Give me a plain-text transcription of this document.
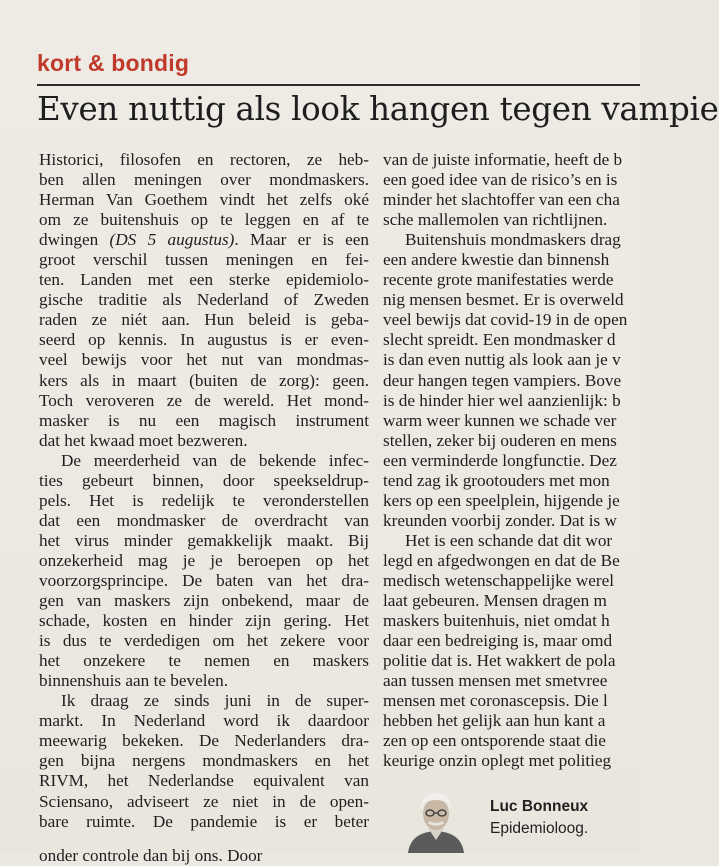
kort & bondig
Even nuttig als look hangen tegen vampie
Historici, filosofen en rectoren, ze heb-
ben allen meningen over mondmaskers.
Herman Van Goethem vindt het zelfs oké
om ze buitenshuis op te leggen en af te
dwingen (DS 5 augustus). Maar er is een
groot verschil tussen meningen en fei-
ten. Landen met een sterke epidemiolo-
gische traditie als Nederland of Zweden
raden ze niét aan. Hun beleid is geba-
seerd op kennis. In augustus is er even-
veel bewijs voor het nut van mondmas-
kers als in maart (buiten de zorg): geen.
Toch veroveren ze de wereld. Het mond-
masker is nu een magisch instrument
dat het kwaad moet bezweren.
De meerderheid van de bekende infec-
ties gebeurt binnen, door speekseldrup-
pels. Het is redelijk te veronderstellen
dat een mondmasker de overdracht van
het virus minder gemakkelijk maakt. Bij
onzekerheid mag je je beroepen op het
voorzorgsprincipe. De baten van het dra-
gen van maskers zijn onbekend, maar de
schade, kosten en hinder zijn gering. Het
is dus te verdedigen om het zekere voor
het onzekere te nemen en maskers
binnenshuis aan te bevelen.
Ik draag ze sinds juni in de super-
markt. In Nederland word ik daardoor
meewarig bekeken. De Nederlanders dra-
gen bijna nergens mondmaskers en het
RIVM, het Nederlandse equivalent van
Sciensano, adviseert ze niet in de open-
bare ruimte. De pandemie is er beter
onder controle dan bij ons. Door
van de juiste informatie, heeft de b
een goed idee van de risico’s en is
minder het slachtoffer van een cha
sche mallemolen van richtlijnen.
Buitenshuis mondmaskers drag
een andere kwestie dan binnensh
recente grote manifestaties werde
nig mensen besmet. Er is overweld
veel bewijs dat covid-19 in de open
slecht spreidt. Een mondmasker d
is dan even nuttig als look aan je v
deur hangen tegen vampiers. Bove
is de hinder hier wel aanzienlijk: b
warm weer kunnen we schade ver
stellen, zeker bij ouderen en mens
een verminderde longfunctie. Dez
tend zag ik grootouders met mon
kers op een speelplein, hijgende je
kreunden voorbij zonder. Dat is w
Het is een schande dat dit wor
legd en afgedwongen en dat de Be
medisch wetenschappelijke werel
laat gebeuren. Mensen dragen m
maskers buitenhuis, niet omdat h
daar een bedreiging is, maar omd
politie dat is. Het wakkert de pola
aan tussen mensen met smetvree
mensen met coronascepsis. Die l
hebben het gelijk aan hun kant a
zen op een ontsporende staat die
keurige onzin oplegt met politieg
Luc Bonneux
Epidemioloog.
